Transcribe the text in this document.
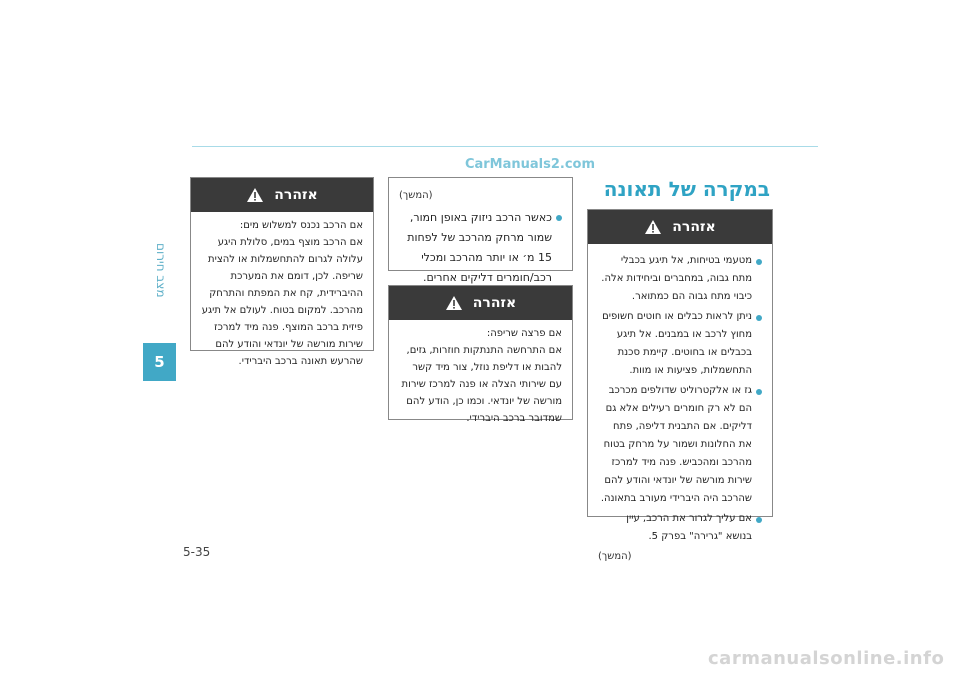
מצב חירום
5
CarManuals2.com
במקרה של תאונה
אזהרה

מטעמי בטיחות, אל תיגע בכבלי מתח גבוה, במחברים וביחידות אלה. כיבוי מתח גבוה הם כמתואר.

ניתן לראות כבלים או חוטים חשופים מחוץ לרכב או במבנים. אל תיגע בכבלים או בחוטים. קיימת סכנת התחשמלות, פציעות או מוות.

גז או אלקטרוליט שדולפים מכרכב הם לא רק חומרים רעילים אלא גם דליקים. אם התבנית דליפה, פתח את החלונות ושמור על מרחק בטוח מהרכב ומהכביש. פנה מיד למרכז שירות מורשה של יונדאי והודע להם שהרכב היה היברידי מעורב בתאונה.

אם עליך לגרור את הרכב, עיין בנושא "גרירה" בפרק 5.

(המשך)

(המשך)

כאשר הרכב ניזוק באופן חמור, שמור מרחק מהרכב של לפחות 15 מ׳ או יותר מהרכב ומכלי רכב/חומרים דליקים אחרים.

אזהרה

אם פרצה שריפה:

אם התרחשה התנתקות חוזרות, גזים, להבות או דליפת נוזל, צור מיד קשר עם שירותי הצלה או פנה למרכז שירות מורשה של יונדאי. וכמו כן, הודע להם שמדובר ברכב היברידי.

אזהרה

אם הרכב נכנס למשלוש מים:

אם הרכב מוצף במים, סלולת היגע עלולה לגרום להתחשמלות או להצית שריפה. לכן, דומם את המערכת ההיברידית, קח את המפתח והתרחק מהרכב. למקום בטוח. לעולם אל תיגע פיזית ברכב המוצף. פנה מיד למרכז שירות מורשה של יונדאי והודע להם שהרעש תאונה ברכב היברידי.

5-35
carmanualsonline.info
